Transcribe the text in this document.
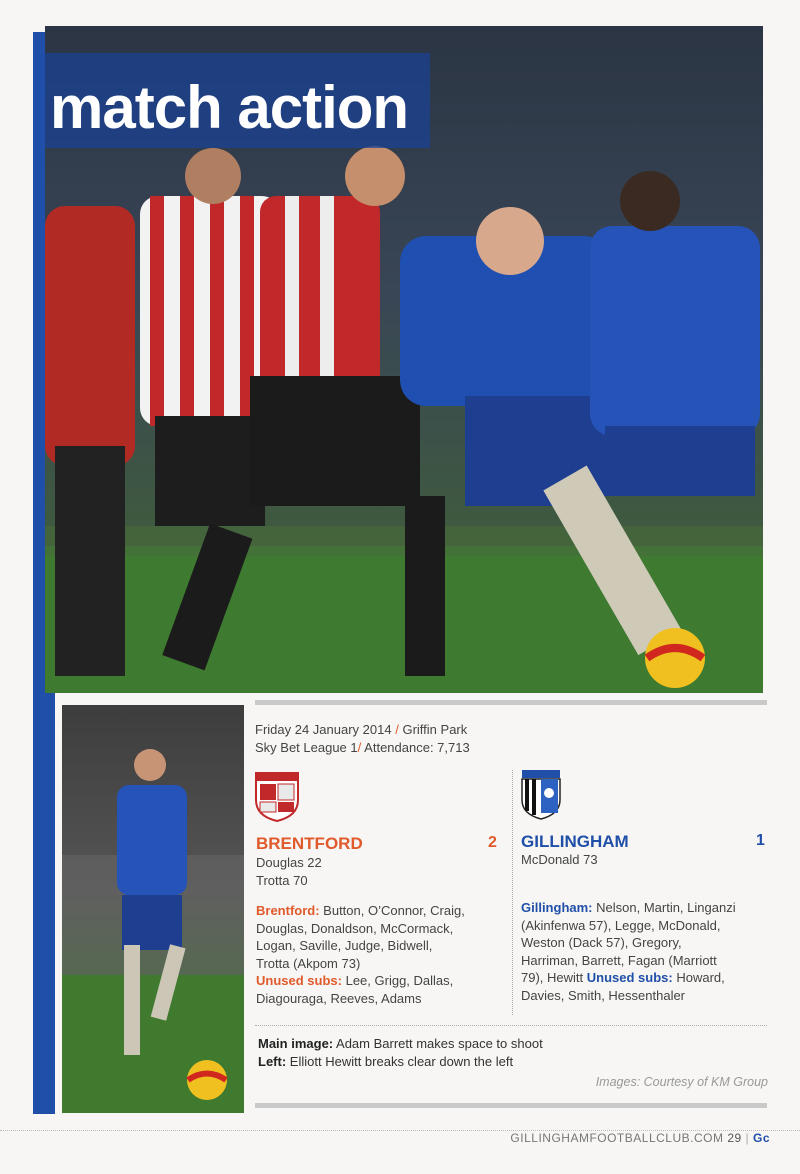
match action
Friday 24 January 2014 / Griffin Park
Sky Bet League 1/ Attendance: 7,713
BRENTFORD	2 GILLINGHAM	1
Douglas 22
Trotta 70
McDonald 73
Brentford: Button, O’Connor, Craig,
Douglas, Donaldson, McCormack,
Logan, Saville, Judge, Bidwell,
Trotta (Akpom 73)
Unused subs: Lee, Grigg, Dallas,
Diagouraga, Reeves, Adams
Gillingham: Nelson, Martin, Linganzi
(Akinfenwa 57), Legge, McDonald,
Weston (Dack 57), Gregory,
Harriman, Barrett, Fagan (Marriott
79), Hewitt Unused subs: Howard,
Davies, Smith, Hessenthaler
Main image: Adam Barrett makes space to shoot
Left: Elliott Hewitt breaks clear down the left
Images: Courtesy of KM Group
GILLINGHAMFOOTBALLCLUB.COM 29 | Gc
